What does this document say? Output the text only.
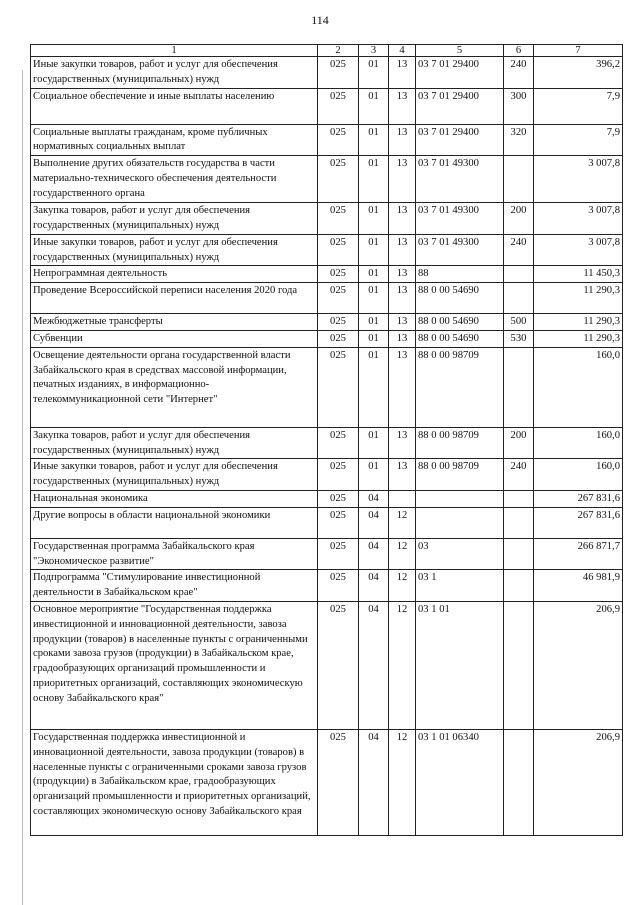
114
1	2	3	4	5	6	7
Иные закупки товаров, работ и услуг для обеспечения государственных (муниципальных) нужд	025	01	13	03 7 01 29400	240	396,2
Социальное обеспечение и иные выплаты населению	025	01	13	03 7 01 29400	300	7,9
Социальные выплаты гражданам, кроме публичных нормативных социальных выплат	025	01	13	03 7 01 29400	320	7,9
Выполнение других обязательств государства в части материально-технического обеспечения деятельности государственного органа	025	01	13	03 7 01 49300		3 007,8
Закупка товаров, работ и услуг для обеспечения государственных (муниципальных) нужд	025	01	13	03 7 01 49300	200	3 007,8
Иные закупки товаров, работ и услуг для обеспечения государственных (муниципальных) нужд	025	01	13	03 7 01 49300	240	3 007,8
Непрограммная деятельность	025	01	13	88		11 450,3
Проведение Всероссийской переписи населения 2020 года	025	01	13	88 0 00 54690		11 290,3
Межбюджетные трансферты	025	01	13	88 0 00 54690	500	11 290,3
Субвенции	025	01	13	88 0 00 54690	530	11 290,3
Освещение деятельности органа государственной власти Забайкальского края в средствах массовой информации, печатных изданиях, в информационно-телекоммуникационной сети "Интернет"	025	01	13	88 0 00 98709		160,0
Закупка товаров, работ и услуг для обеспечения государственных (муниципальных) нужд	025	01	13	88 0 00 98709	200	160,0
Иные закупки товаров, работ и услуг для обеспечения государственных (муниципальных) нужд	025	01	13	88 0 00 98709	240	160,0
Национальная экономика	025	04				267 831,6
Другие вопросы в области национальной экономики	025	04	12			267 831,6
Государственная программа Забайкальского края "Экономическое развитие"	025	04	12	03		266 871,7
Подпрограмма "Стимулирование инвестиционной деятельности в Забайкальском крае"	025	04	12	03 1		46 981,9
Основное мероприятие "Государственная поддержка инвестиционной и инновационной деятельности, завоза продукции (товаров) в населенные пункты с ограниченными сроками завоза грузов (продукции) в Забайкальском крае, градообразующих организаций промышленности и приоритетных организаций, составляющих экономическую основу Забайкальского края"	025	04	12	03 1 01		206,9
Государственная поддержка инвестиционной и инновационной деятельности, завоза продукции (товаров) в населенные пункты с ограниченными сроками завоза грузов (продукции) в Забайкальском крае, градообразующих организаций промышленности и приоритетных организаций, составляющих экономическую основу Забайкальского края	025	04	12	03 1 01 06340		206,9
